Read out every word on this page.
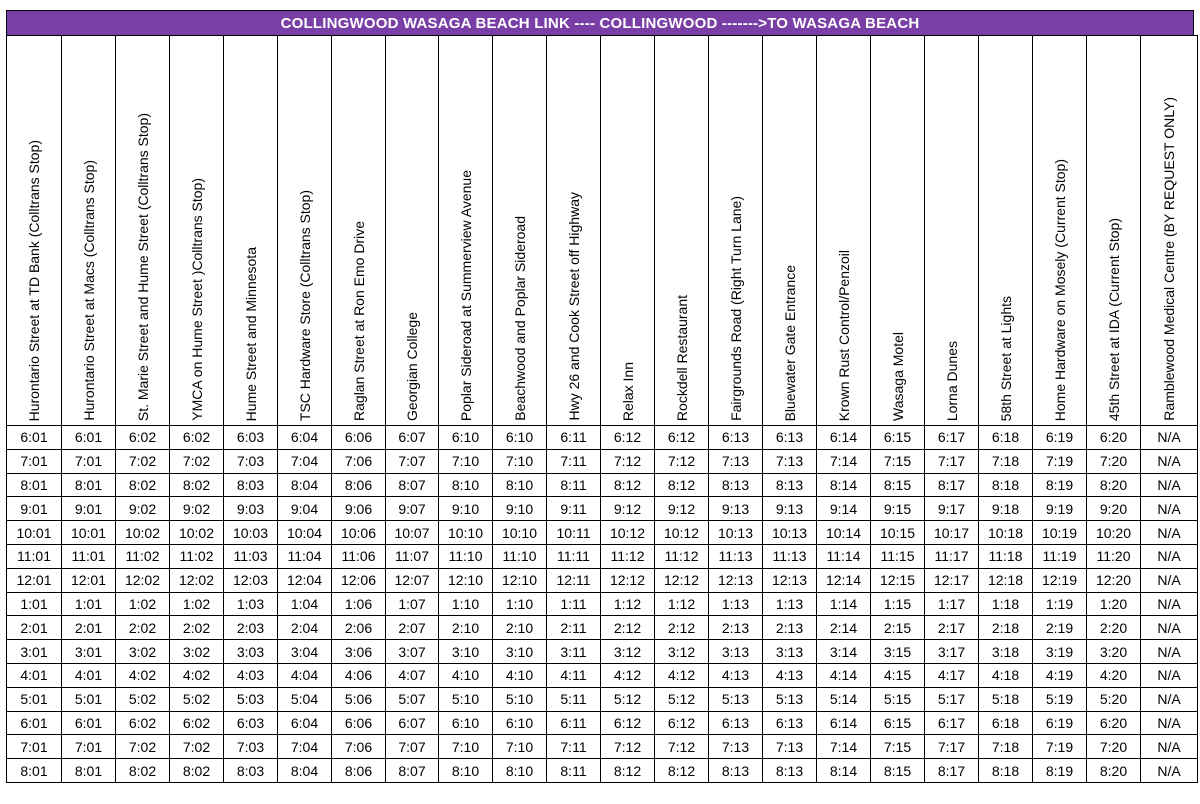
COLLINGWOOD WASAGA BEACH LINK ---- COLLINGWOOD ------->TO WASAGA BEACH
Hurontario Street at TD Bank (Colltrans Stop)	Hurontario Street at Macs (Colltrans Stop)	St. Marie Street and Hume Street (Colltrans Stop)	YMCA on Hume Street )Colltrans Stop)	Hume Street and Minnesota	TSC Hardware Store (Colltrans Stop)	Raglan Street at Ron Emo Drive	Georgian College	Poplar Sideroad at Summerview Avenue	Beachwood and Poplar Sideroad	Hwy 26 and Cook Street off Highway	Relax Inn	Rockdell Restaurant	Fairgrounds Road (Right Turn Lane)	Bluewater Gate Entrance	Krown Rust Control/Penzoil	Wasaga Motel	Lorna Dunes	58th Street at Lights	Home Hardware on Mosely (Current Stop)	45th Street at IDA (Current Stop)	Ramblewood Medical Centre (BY REQUEST ONLY)

6:01	6:01	6:02	6:02	6:03	6:04	6:06	6:07	6:10	6:10	6:11	6:12	6:12	6:13	6:13	6:14	6:15	6:17	6:18	6:19	6:20	N/A
7:01	7:01	7:02	7:02	7:03	7:04	7:06	7:07	7:10	7:10	7:11	7:12	7:12	7:13	7:13	7:14	7:15	7:17	7:18	7:19	7:20	N/A
8:01	8:01	8:02	8:02	8:03	8:04	8:06	8:07	8:10	8:10	8:11	8:12	8:12	8:13	8:13	8:14	8:15	8:17	8:18	8:19	8:20	N/A
9:01	9:01	9:02	9:02	9:03	9:04	9:06	9:07	9:10	9:10	9:11	9:12	9:12	9:13	9:13	9:14	9:15	9:17	9:18	9:19	9:20	N/A
10:01	10:01	10:02	10:02	10:03	10:04	10:06	10:07	10:10	10:10	10:11	10:12	10:12	10:13	10:13	10:14	10:15	10:17	10:18	10:19	10:20	N/A
11:01	11:01	11:02	11:02	11:03	11:04	11:06	11:07	11:10	11:10	11:11	11:12	11:12	11:13	11:13	11:14	11:15	11:17	11:18	11:19	11:20	N/A
12:01	12:01	12:02	12:02	12:03	12:04	12:06	12:07	12:10	12:10	12:11	12:12	12:12	12:13	12:13	12:14	12:15	12:17	12:18	12:19	12:20	N/A
1:01	1:01	1:02	1:02	1:03	1:04	1:06	1:07	1:10	1:10	1:11	1:12	1:12	1:13	1:13	1:14	1:15	1:17	1:18	1:19	1:20	N/A
2:01	2:01	2:02	2:02	2:03	2:04	2:06	2:07	2:10	2:10	2:11	2:12	2:12	2:13	2:13	2:14	2:15	2:17	2:18	2:19	2:20	N/A
3:01	3:01	3:02	3:02	3:03	3:04	3:06	3:07	3:10	3:10	3:11	3:12	3:12	3:13	3:13	3:14	3:15	3:17	3:18	3:19	3:20	N/A
4:01	4:01	4:02	4:02	4:03	4:04	4:06	4:07	4:10	4:10	4:11	4:12	4:12	4:13	4:13	4:14	4:15	4:17	4:18	4:19	4:20	N/A
5:01	5:01	5:02	5:02	5:03	5:04	5:06	5:07	5:10	5:10	5:11	5:12	5:12	5:13	5:13	5:14	5:15	5:17	5:18	5:19	5:20	N/A
6:01	6:01	6:02	6:02	6:03	6:04	6:06	6:07	6:10	6:10	6:11	6:12	6:12	6:13	6:13	6:14	6:15	6:17	6:18	6:19	6:20	N/A
7:01	7:01	7:02	7:02	7:03	7:04	7:06	7:07	7:10	7:10	7:11	7:12	7:12	7:13	7:13	7:14	7:15	7:17	7:18	7:19	7:20	N/A
8:01	8:01	8:02	8:02	8:03	8:04	8:06	8:07	8:10	8:10	8:11	8:12	8:12	8:13	8:13	8:14	8:15	8:17	8:18	8:19	8:20	N/A
